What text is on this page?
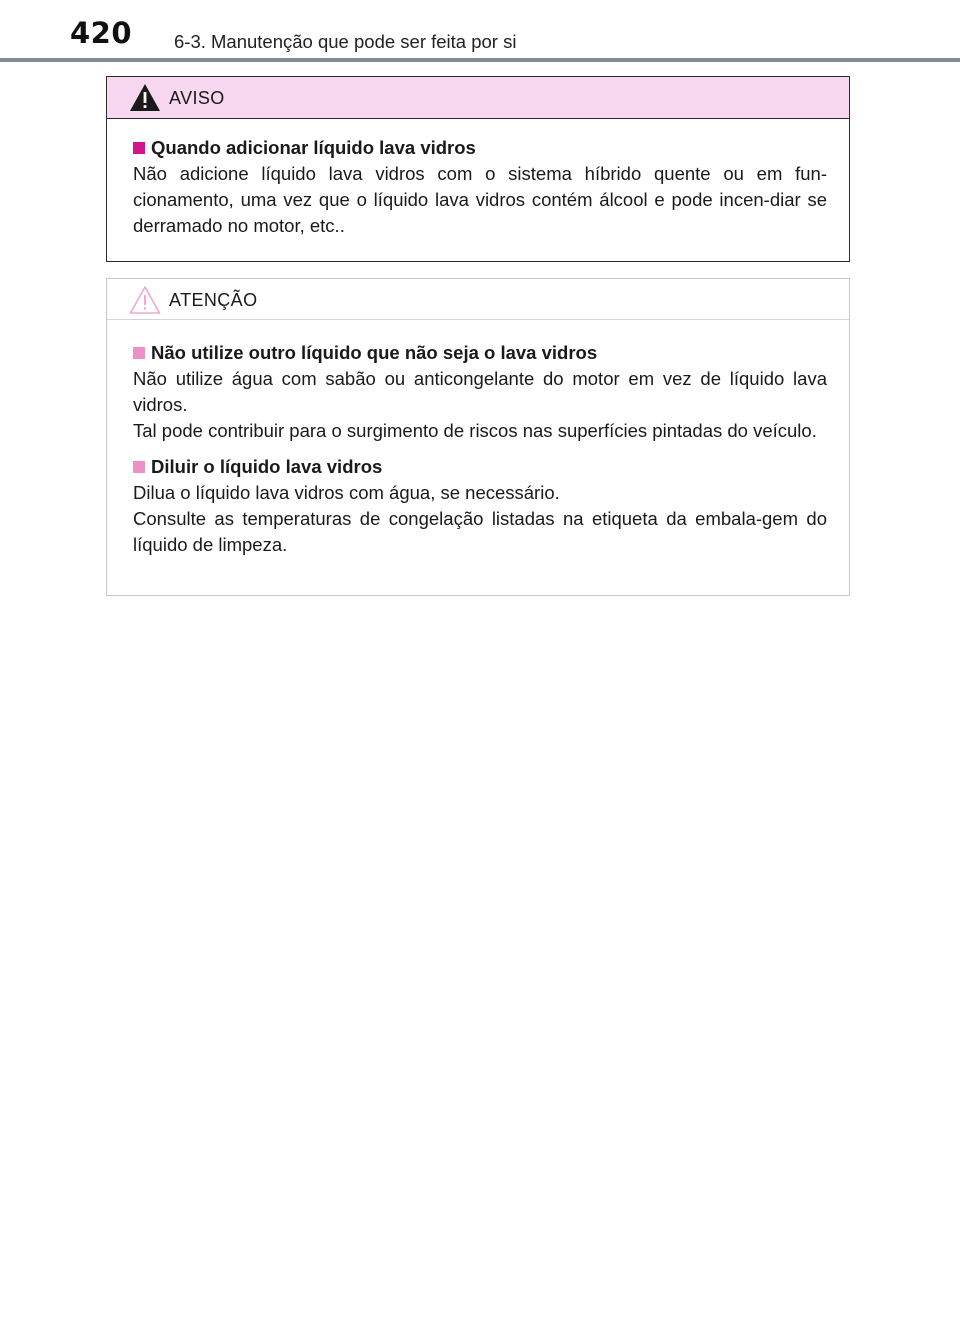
420 6-3. Manutenção que pode ser feita por si
AVISO
Quando adicionar líquido lava vidros

Não adicione líquido lava vidros com o sistema híbrido quente ou em fun-cionamento, uma vez que o líquido lava vidros contém álcool e pode incen-diar se derramado no motor, etc..

ATENÇÃO
Não utilize outro líquido que não seja o lava vidros

Não utilize água com sabão ou anticongelante do motor em vez de líquido lava vidros.

Tal pode contribuir para o surgimento de riscos nas superfícies pintadas do veículo.

Diluir o líquido lava vidros

Dilua o líquido lava vidros com água, se necessário.

Consulte as temperaturas de congelação listadas na etiqueta da embala-gem do líquido de limpeza.
